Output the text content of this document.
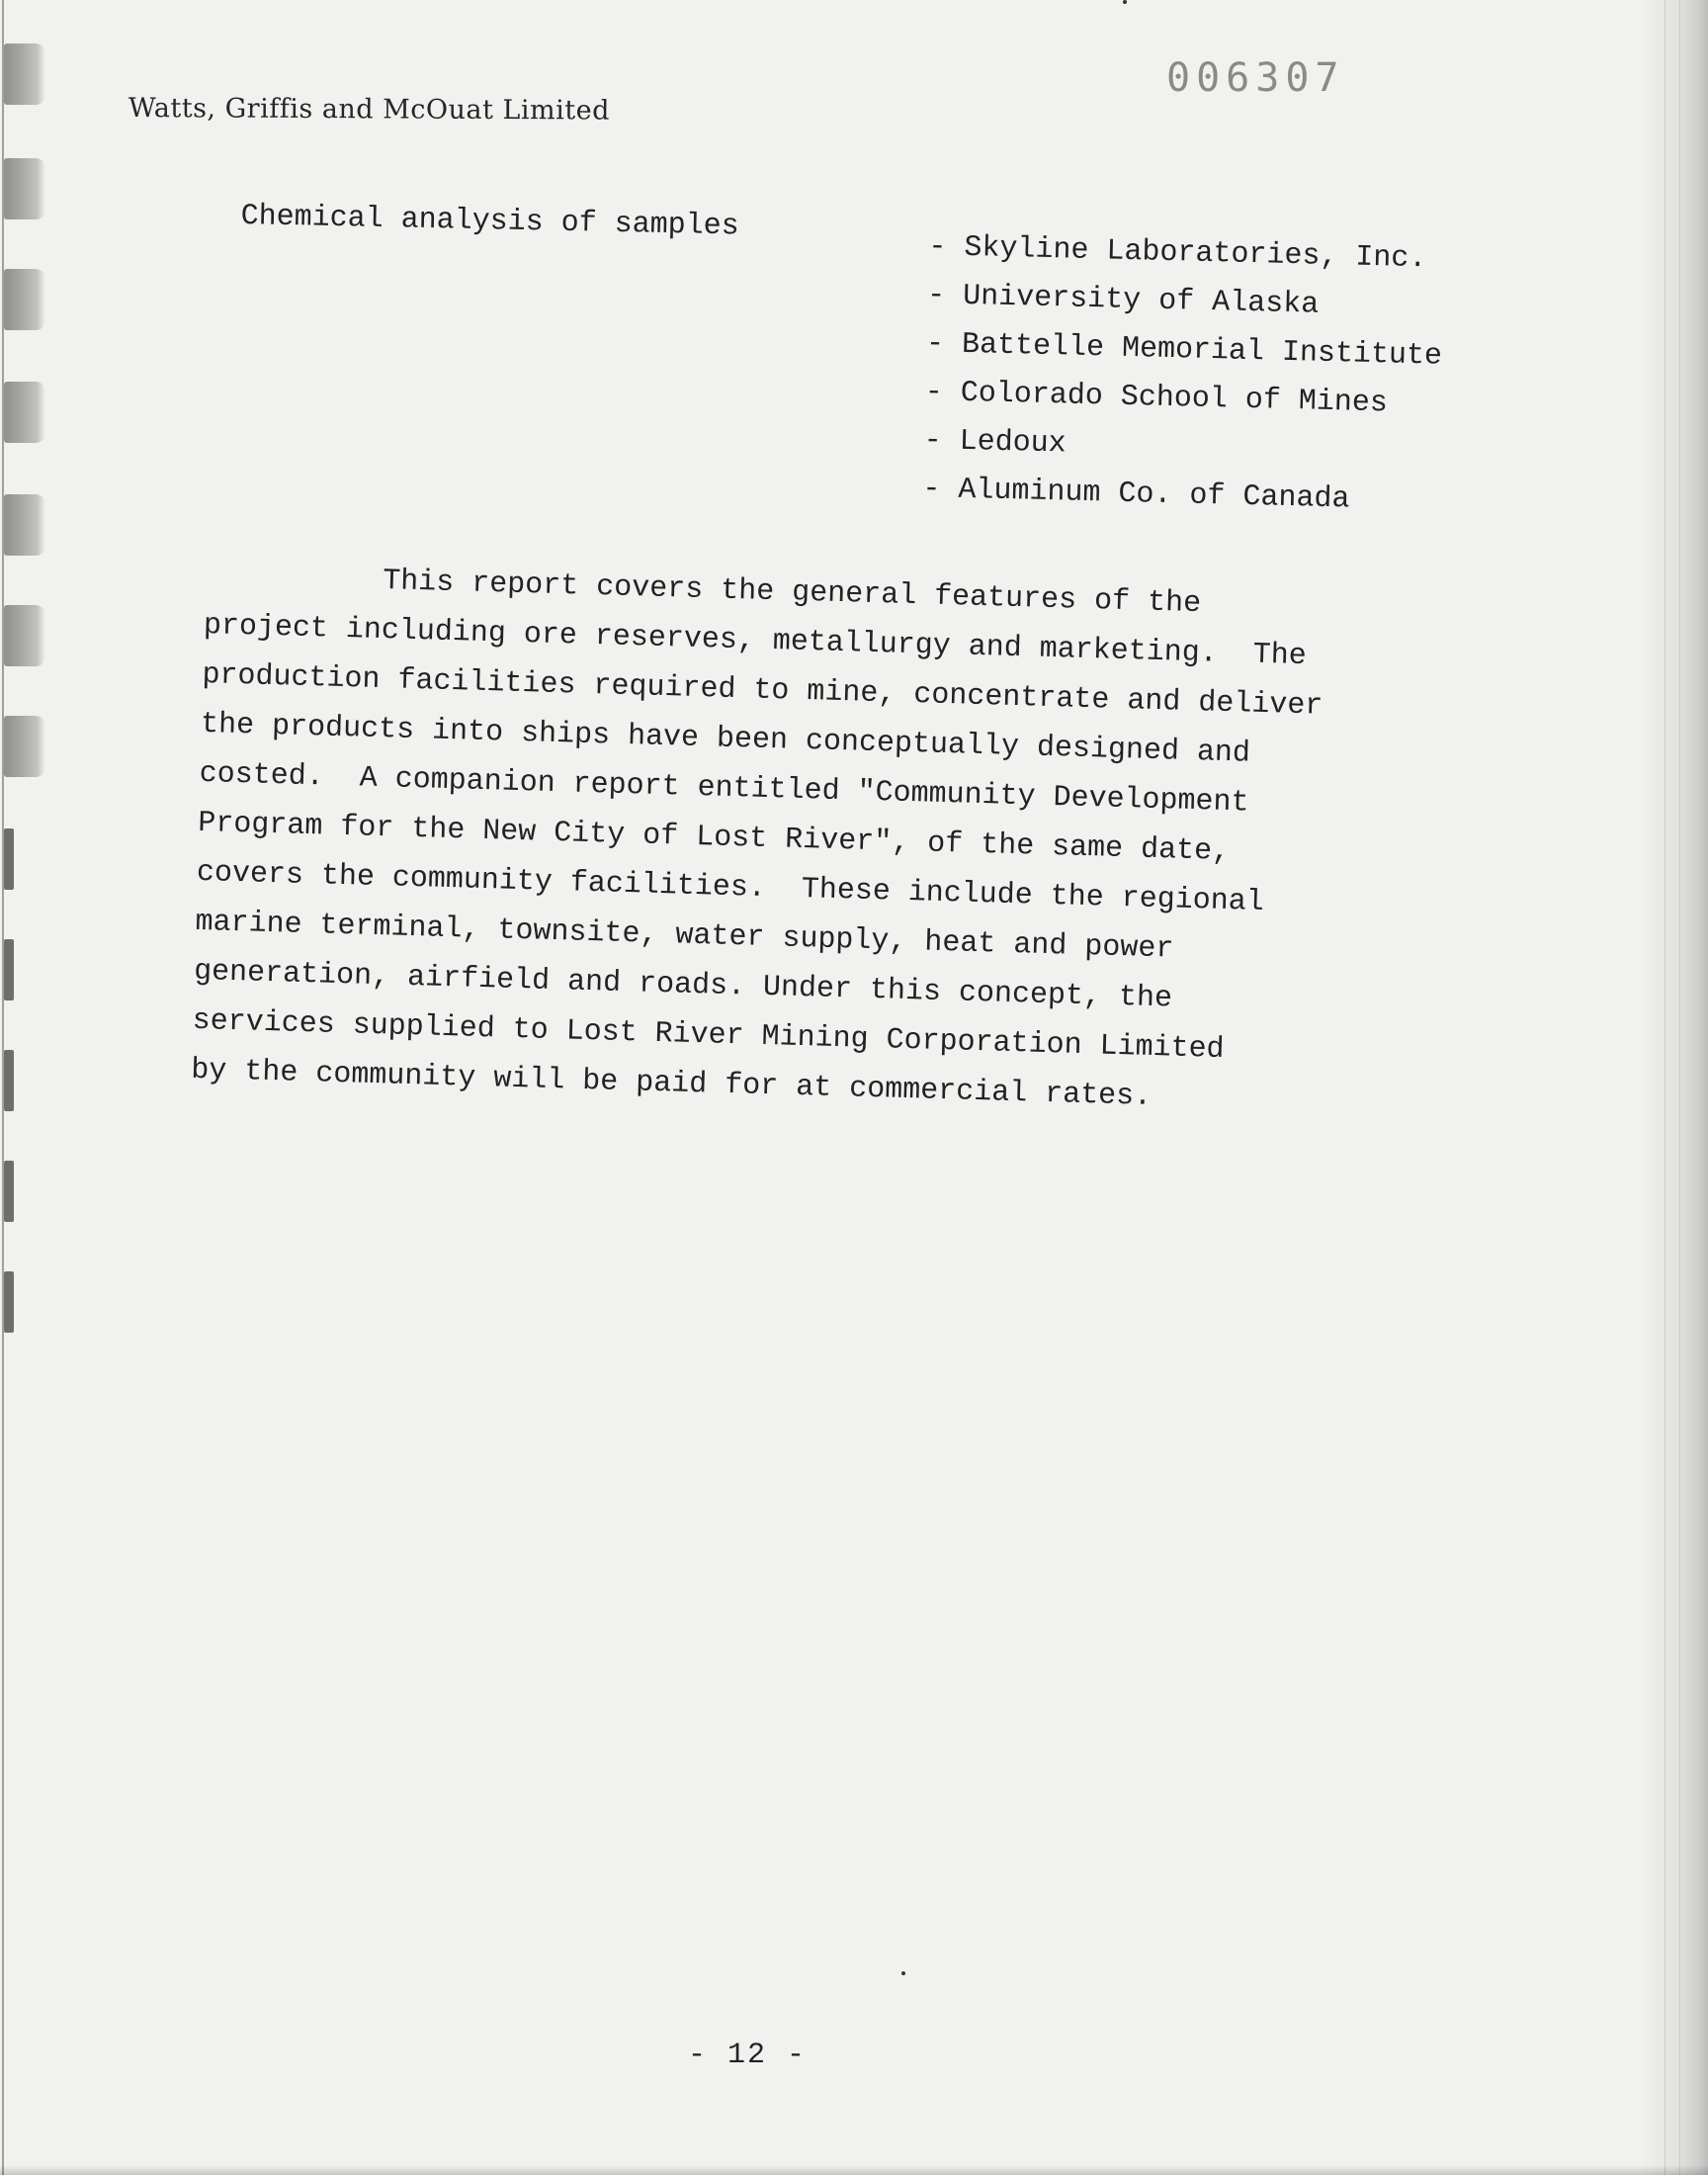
Watts, Griffis and McOuat Limited
006307
Chemical analysis of samples
- Skyline Laboratories, Inc.
- University of Alaska
- Battelle Memorial Institute
- Colorado School of Mines
- Ledoux
- Aluminum Co. of Canada
This report covers the general features of the
project including ore reserves, metallurgy and marketing.  The
production facilities required to mine, concentrate and deliver
the products into ships have been conceptually designed and
costed.  A companion report entitled "Community Development
Program for the New City of Lost River", of the same date,
covers the community facilities.  These include the regional
marine terminal, townsite, water supply, heat and power
generation, airfield and roads. Under this concept, the
services supplied to Lost River Mining Corporation Limited
by the community will be paid for at commercial rates.
- 12 -
